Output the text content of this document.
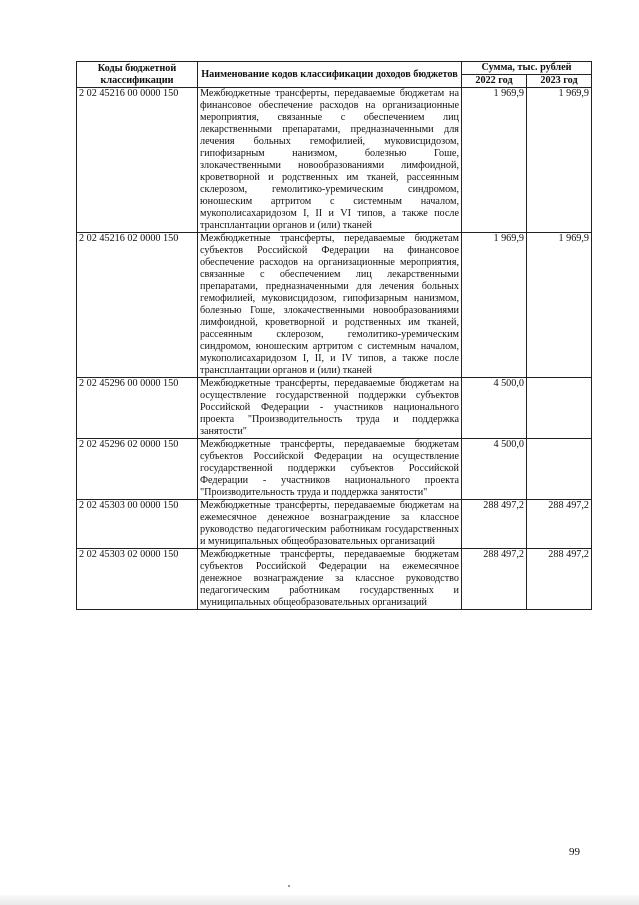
Коды бюджетной классификации	Наименование кодов классификации доходов бюджетов	Сумма, тыс. рублей	
		2022 год	2023 год
2 02 45216 00 0000 150	Межбюджетные трансферты, передаваемые бюджетам на финансовое обеспечение расходов на организационные мероприятия, связанные с обеспечением лиц лекарственными препаратами, предназначенными для лечения больных гемофилией, муковисцидозом, гипофизарным нанизмом, болезнью Гоше, злокачественными новообразованиями лимфоидной, кроветворной и родственных им тканей, рассеянным склерозом, гемолитико-уремическим синдромом, юношеским артритом с системным началом, мукополисахаридозом I, II и VI типов, а также после трансплантации органов и (или) тканей	1 969,9	1 969,9
2 02 45216 02 0000 150	Межбюджетные трансферты, передаваемые бюджетам субъектов Российской Федерации на финансовое обеспечение расходов на организационные мероприятия, связанные с обеспечением лиц лекарственными препаратами, предназначенными для лечения больных гемофилией, муковисцидозом, гипофизарным нанизмом, болезнью Гоше, злокачественными новообразованиями лимфоидной, кроветворной и родственных им тканей, рассеянным склерозом, гемолитико-уремическим синдромом, юношеским артритом с системным началом, мукополисахаридозом I, II, и IV типов, а также после трансплантации органов и (или) тканей	1 969,9	1 969,9
2 02 45296 00 0000 150	Межбюджетные трансферты, передаваемые бюджетам на осуществление государственной поддержки субъектов Российской Федерации - участников национального проекта "Производительность труда и поддержка занятости"	4 500,0	
2 02 45296 02 0000 150	Межбюджетные трансферты, передаваемые бюджетам субъектов Российской Федерации на осуществление государственной поддержки субъектов Российской Федерации - участников национального проекта "Производительность труда и поддержка занятости"	4 500,0	
2 02 45303 00 0000 150	Межбюджетные трансферты, передаваемые бюджетам на ежемесячное денежное вознаграждение за классное руководство педагогическим работникам государственных и муниципальных общеобразовательных организаций	288 497,2	288 497,2
2 02 45303 02 0000 150	Межбюджетные трансферты, передаваемые бюджетам субъектов Российской Федерации на ежемесячное денежное вознаграждение за классное руководство педагогическим работникам государственных и муниципальных общеобразовательных организаций	288 497,2	288 497,2
99
